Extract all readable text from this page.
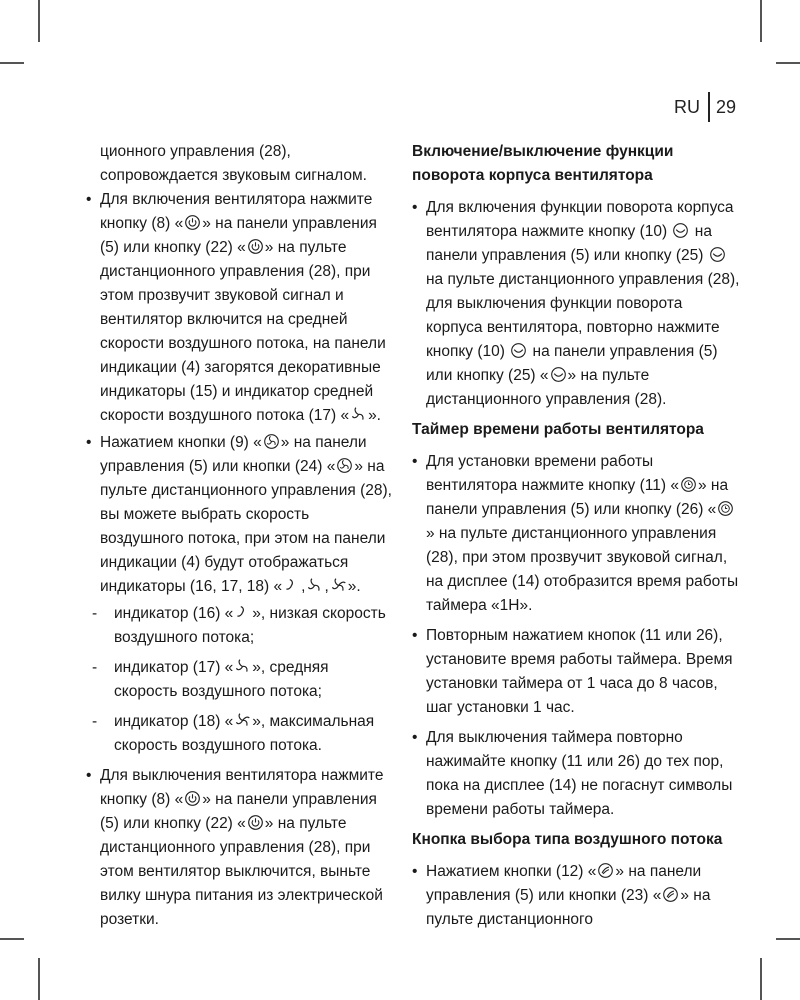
RU 29

ционного управления (28), сопровождается звуковым сигналом.

• Для включения вентилятора нажмите кнопку (8) « » на панели управления (5) или кнопку (22) « » на пульте дистанционного управления (28), при этом прозвучит звуковой сигнал и вентилятор включится на средней скорости воздушного потока, на панели индикации (4) загорятся декоративные индикаторы (15) и индикатор средней скорости воздушного потока (17) « ».
• Нажатием кнопки (9) « » на панели управления (5) или кнопки (24) « » на пульте дистанционного управления (28), вы можете выбрать скорость воздушного потока, при этом на панели индикации (4) будут отображаться индикаторы (16, 17, 18) « , , ».
- индикатор (16) « », низкая скорость воздушного потока;
- индикатор (17) « », средняя скорость воздушного потока;
- индикатор (18) « », максимальная скорость воздушного потока.
• Для выключения вентилятора нажмите кнопку (8) « » на панели управления (5) или кнопку (22) « » на пульте дистанционного управления (28), при этом вентилятор выключится, выньте вилку шнура питания из электрической розетки.

Включение/выключение функции поворота корпуса вентилятора

• Для включения функции поворота корпуса вентилятора нажмите кнопку (10)
на панели управления (5) или кнопку (25)
на пульте дистанционного управления (28), для выключения функции поворота корпуса вентилятора, повторно нажмите кнопку (10)
на панели управления (5) или кнопку (25) « » на пульте дистанционного управления (28).

Таймер времени работы вентилятора

• Для установки времени работы вентилятора нажмите кнопку (11) « » на панели управления (5) или кнопку (26) «
» на пульте дистанционного управления (28), при этом прозвучит звуковой сигнал, на дисплее (14) отобразится время работы таймера «1Н».
• Повторным нажатием кнопок (11 или 26), установите время работы таймера. Время установки таймера от 1 часа до 8 часов, шаг установки 1 час.
• Для выключения таймера повторно нажимайте кнопку (11 или 26) до тех пор, пока на дисплее (14) не погаснут символы времени работы таймера.

Кнопка выбора типа воздушного потока

• Нажатием кнопки (12) « » на панели управления (5) или кнопки (23) « » на пульте дистанционного
